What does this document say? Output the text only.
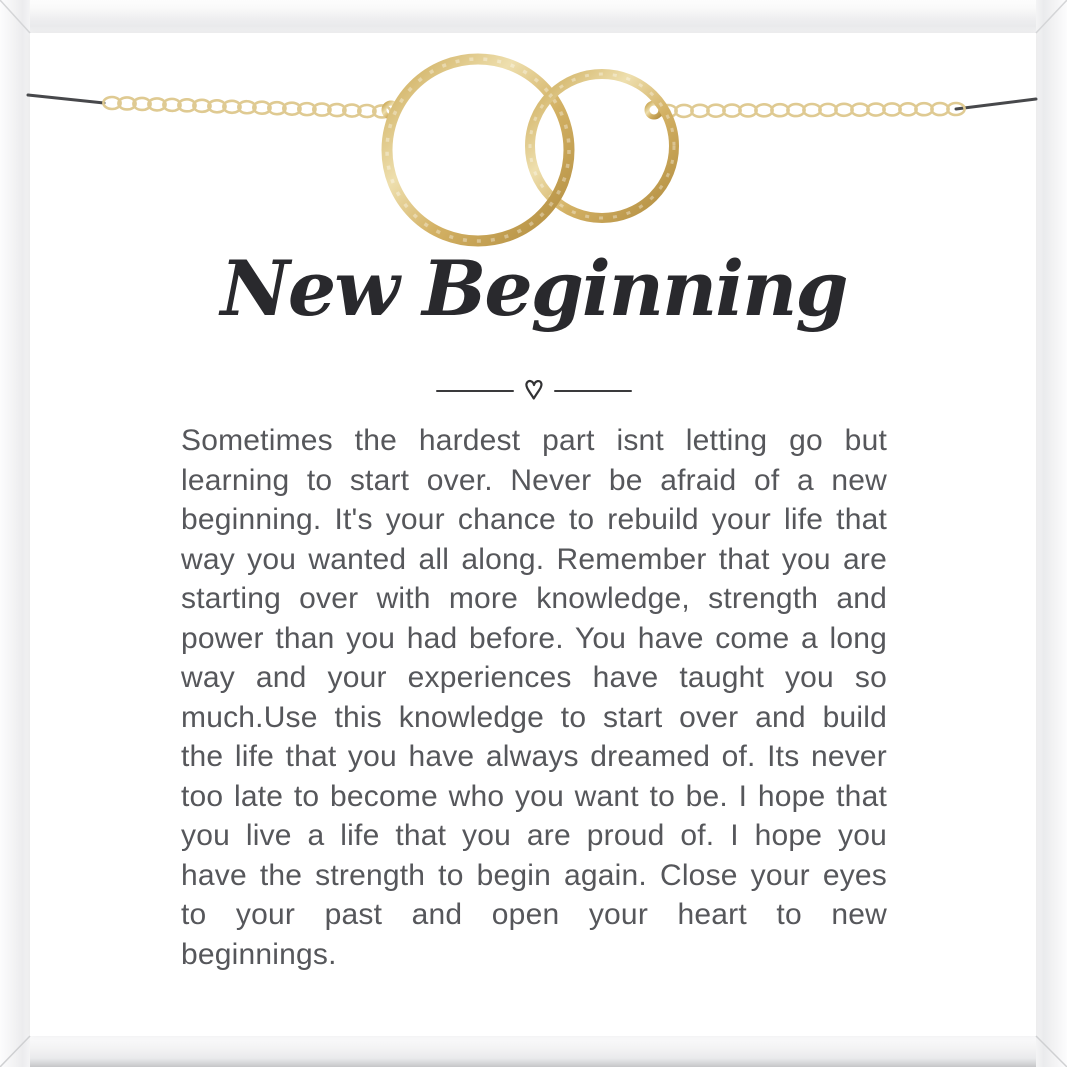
New Beginning

Sometimes the hardest part isnt letting go but learning to start over. Never be afraid of a new beginning. It's your chance to rebuild your life that way you wanted all along. Remember that you are starting over with more knowledge, strength and power than you had before. You have come a long way and your experiences have taught you so much.Use this knowledge to start over and build the life that you have always dreamed of. Its never too late to become who you want to be. I hope that you live a life that you are proud of. I hope you have the strength to begin again. Close your eyes to your past and open your heart to new beginnings.
